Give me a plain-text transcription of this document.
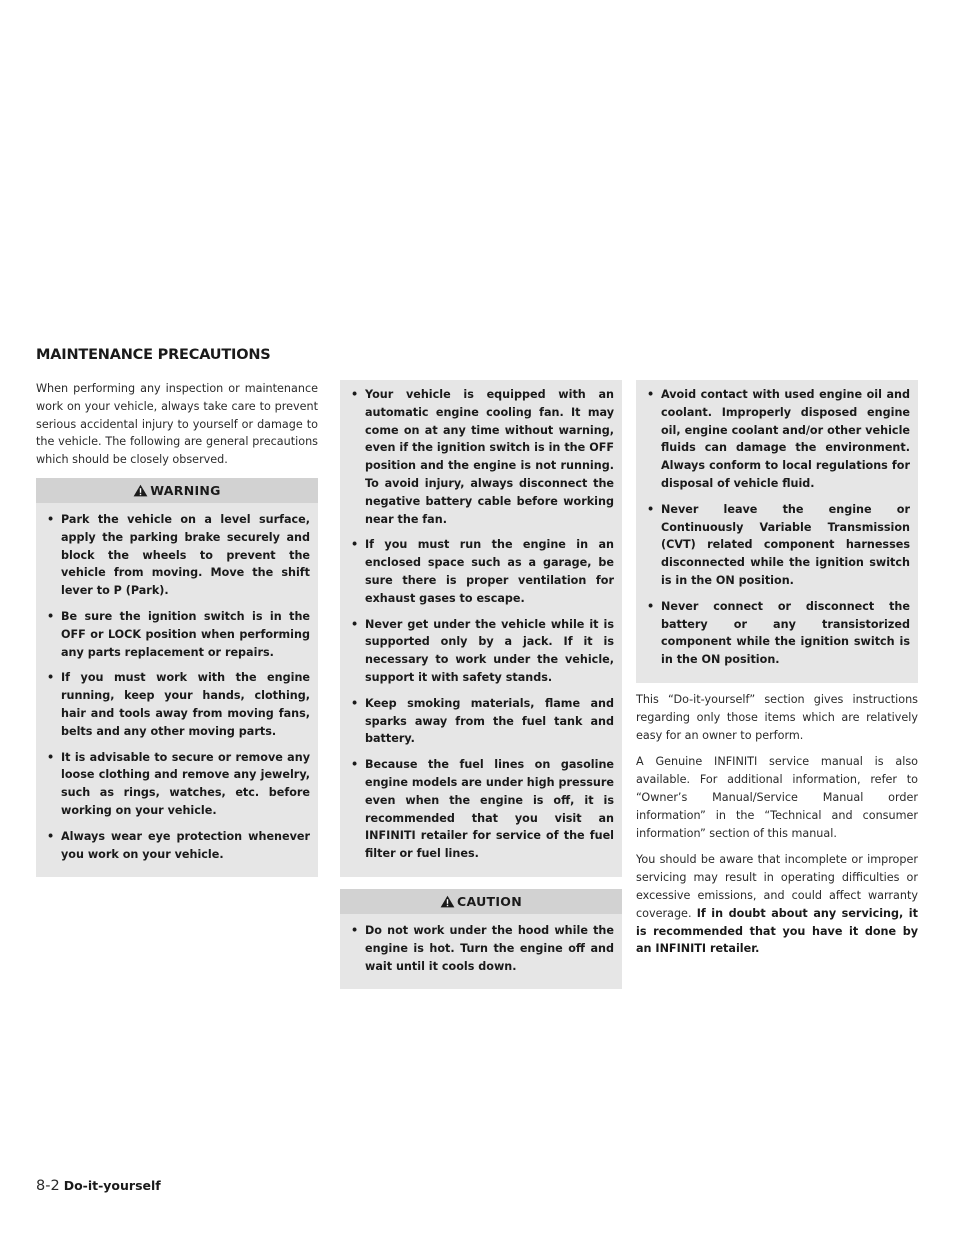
MAINTENANCE PRECAUTIONS

When performing any inspection or maintenance work on your vehicle, always take care to prevent serious accidental injury to yourself or damage to the vehicle. The following are general precautions which should be closely observed.

WARNING
• Park the vehicle on a level surface, apply the parking brake securely and block the wheels to prevent the vehicle from moving. Move the shift lever to P (Park).
• Be sure the ignition switch is in the OFF or LOCK position when performing any parts replacement or repairs.
• If you must work with the engine running, keep your hands, clothing, hair and tools away from moving fans, belts and any other moving parts.
• It is advisable to secure or remove any loose clothing and remove any jewelry, such as rings, watches, etc. before working on your vehicle.
• Always wear eye protection whenever you work on your vehicle.
• Your vehicle is equipped with an automatic engine cooling fan. It may come on at any time without warning, even if the ignition switch is in the OFF position and the engine is not running. To avoid injury, always disconnect the negative battery cable before working near the fan.
• If you must run the engine in an enclosed space such as a garage, be sure there is proper ventilation for exhaust gases to escape.
• Never get under the vehicle while it is supported only by a jack. If it is necessary to work under the vehicle, support it with safety stands.
• Keep smoking materials, flame and sparks away from the fuel tank and battery.
• Because the fuel lines on gasoline engine models are under high pressure even when the engine is off, it is recommended that you visit an INFINITI retailer for service of the fuel filter or fuel lines.
CAUTION
• Do not work under the hood while the engine is hot. Turn the engine off and wait until it cools down.
• Avoid contact with used engine oil and coolant. Improperly disposed engine oil, engine coolant and/or other vehicle fluids can damage the environment. Always conform to local regulations for disposal of vehicle fluid.
• Never leave the engine or Continuously Variable Transmission (CVT) related component harnesses disconnected while the ignition switch is in the ON position.
• Never connect or disconnect the battery or any transistorized component while the ignition switch is in the ON position.

This “Do-it-yourself” section gives instructions regarding only those items which are relatively easy for an owner to perform.

A Genuine INFINITI service manual is also available. For additional information, refer to “Owner’s Manual/Service Manual order information” in the “Technical and consumer information” section of this manual.

You should be aware that incomplete or improper servicing may result in operating difficulties or excessive emissions, and could affect warranty coverage. If in doubt about any servicing, it is recommended that you have it done by an INFINITI retailer.

8-2 Do-it-yourself
